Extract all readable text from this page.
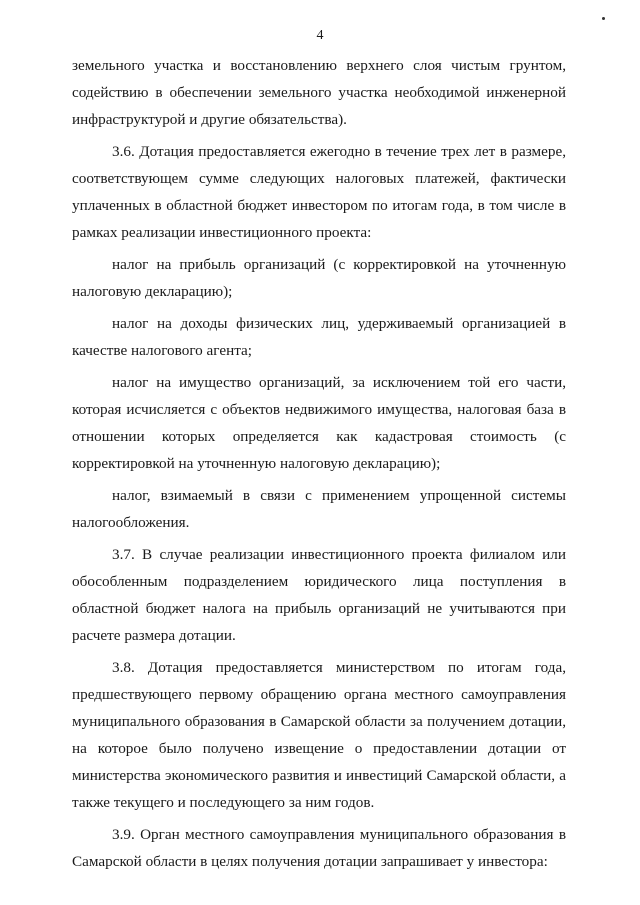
4

земельного участка и восстановлению верхнего слоя чистым грунтом, содействию в обеспечении земельного участка необходимой инженерной инфраструктурой и другие обязательства).

3.6. Дотация предоставляется ежегодно в течение трех лет в размере, соответствующем сумме следующих налоговых платежей, фактически уплаченных в областной бюджет инвестором по итогам года, в том числе в рамках реализации инвестиционного проекта:

налог на прибыль организаций (с корректировкой на уточненную налоговую декларацию);

налог на доходы физических лиц, удерживаемый организацией в качестве налогового агента;

налог на имущество организаций, за исключением той его части, которая исчисляется с объектов недвижимого имущества, налоговая база в отношении которых определяется как кадастровая стоимость (с корректировкой на уточненную налоговую декларацию);

налог, взимаемый в связи с применением упрощенной системы налогообложения.

3.7. В случае реализации инвестиционного проекта филиалом или обособленным подразделением юридического лица поступления в областной бюджет налога на прибыль организаций не учитываются при расчете размера дотации.

3.8. Дотация предоставляется министерством по итогам года, предшествующего первому обращению органа местного самоуправления муниципального образования в Самарской области за получением дотации, на которое было получено извещение о предоставлении дотации от министерства экономического развития и инвестиций Самарской области, а также текущего и последующего за ним годов.

3.9. Орган местного самоуправления муниципального образования в Самарской области в целях получения дотации запрашивает у инвестора:
